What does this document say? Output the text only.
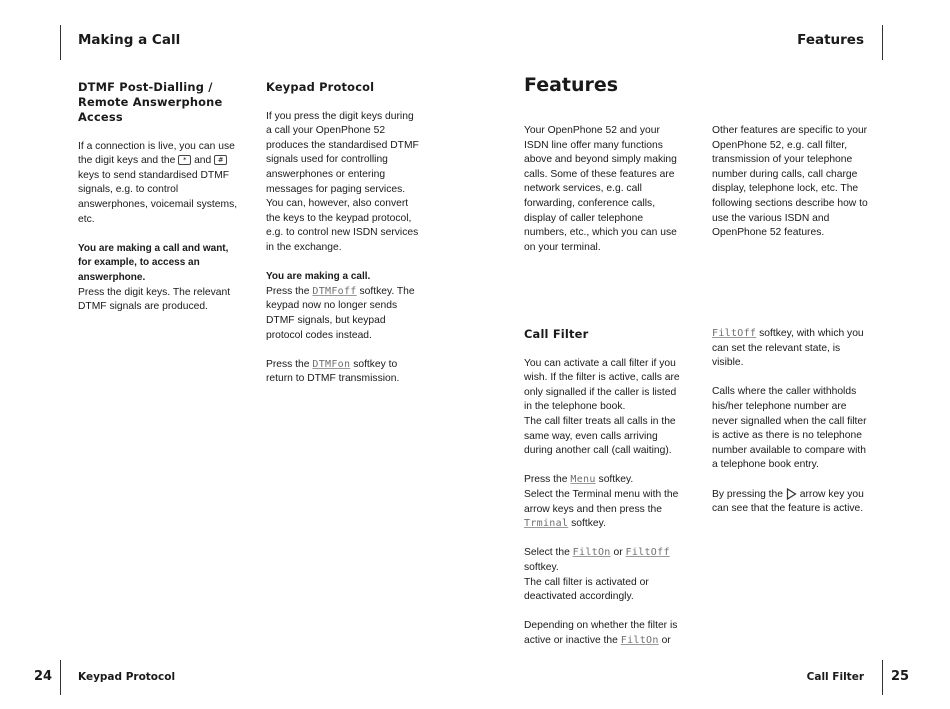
Making a Call	Features
DTMF Post-Dialling / Remote Answerphone Access

If a connection is live, you can use the digit keys and the * and # keys to send standardised DTMF signals, e.g. to control answerphones, voicemail systems, etc.

You are making a call and want, for example, to access an answerphone.

Press the digit keys. The relevant DTMF signals are produced.

Keypad Protocol

If you press the digit keys during a call your OpenPhone 52 produces the standardised DTMF signals used for controlling answerphones or entering messages for paging services. You can, however, also convert the keys to the keypad protocol, e.g. to control new ISDN services in the exchange.

You are making a call.

Press the DTMFoff softkey. The keypad now no longer sends DTMF signals, but keypad protocol codes instead.

Press the DTMFon softkey to return to DTMF transmission.

Features

Your OpenPhone 52 and your ISDN line offer many functions above and beyond simply making calls. Some of these features are network services, e.g. call forwarding, conference calls, display of caller telephone numbers, etc., which you can use on your terminal.

Other features are specific to your OpenPhone 52, e.g. call filter, transmission of your telephone number during calls, call charge display, telephone lock, etc. The following sections describe how to use the various ISDN and OpenPhone 52 features.

Call Filter

You can activate a call filter if you wish. If the filter is active, calls are only signalled if the caller is listed in the telephone book.

The call filter treats all calls in the same way, even calls arriving during another call (call waiting).

Press the Menu softkey.

Select the Terminal menu with the arrow keys and then press the Trminal softkey.

Select the FiltOn or FiltOff softkey.

The call filter is activated or deactivated accordingly.

Depending on whether the filter is active or inactive the FiltOn or

FiltOff softkey, with which you can set the relevant state, is visible.

Calls where the caller withholds his/her telephone number are never signalled when the call filter is active as there is no telephone number available to compare with a telephone book entry.

By pressing the arrow key you can see that the feature is active.

24 Keypad Protocol	Call Filter 25
